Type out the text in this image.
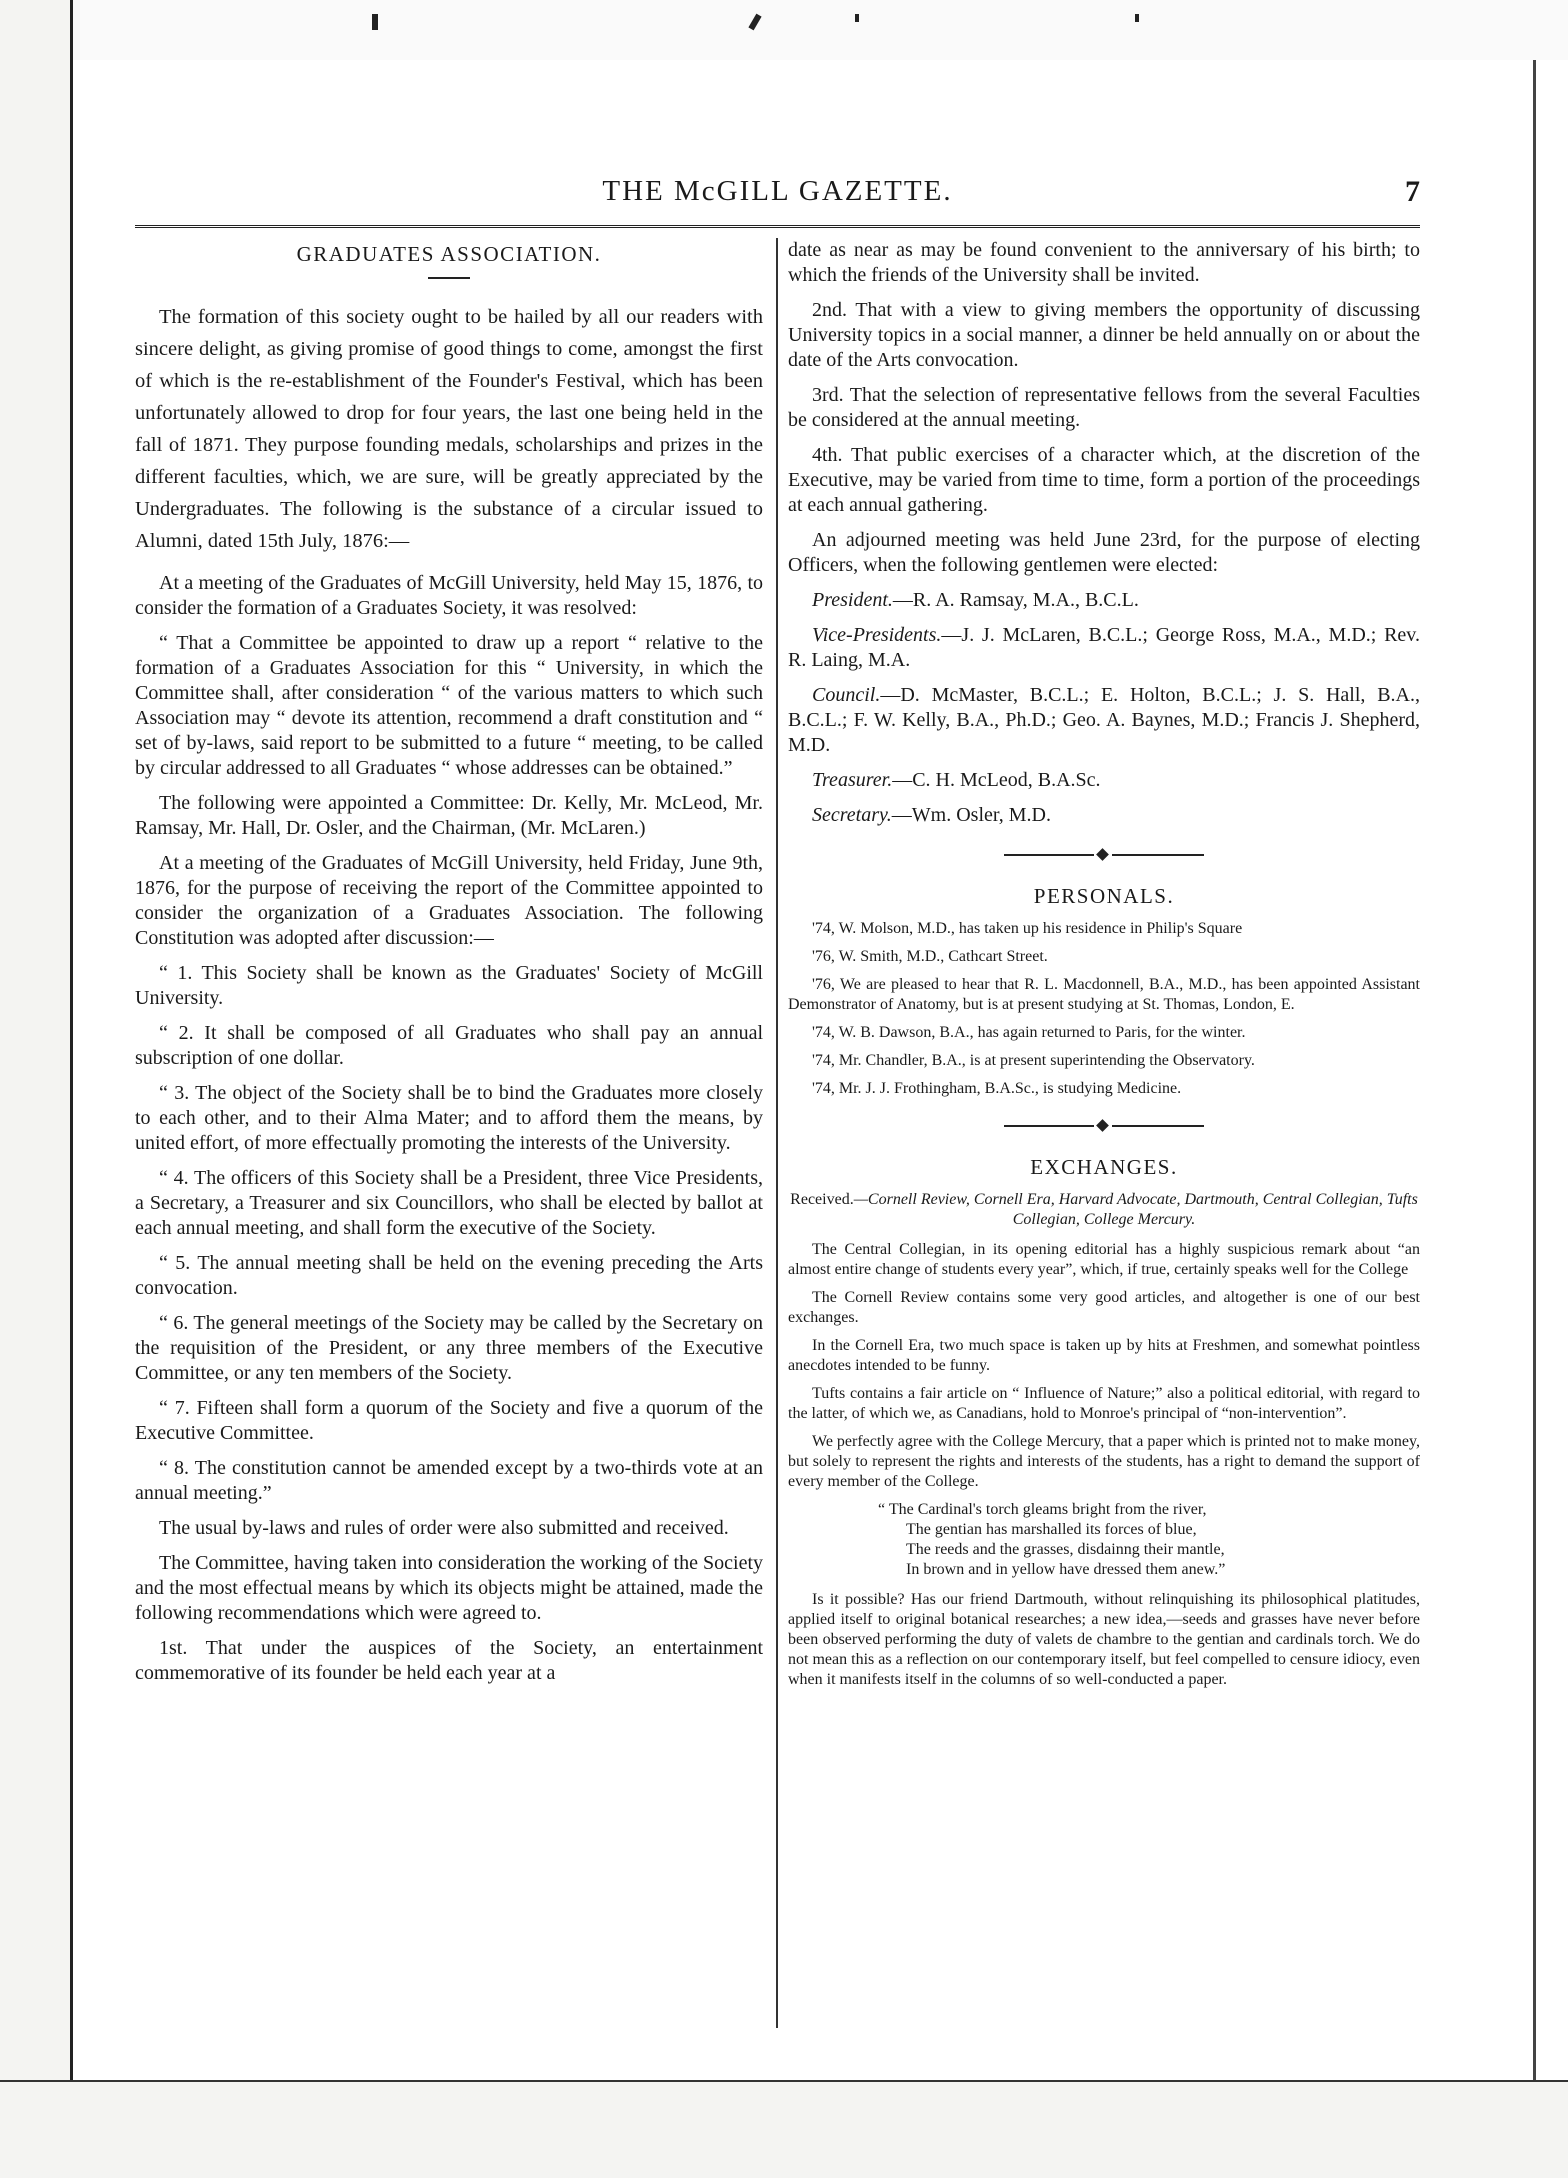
THE McGILL GAZETTE.	7
GRADUATES ASSOCIATION.

The formation of this society ought to be hailed by all our readers with sincere delight, as giving promise of good things to come, amongst the first of which is the re-establishment of the Founder's Festival, which has been unfortunately allowed to drop for four years, the last one being held in the fall of 1871. They purpose founding medals, scholarships and prizes in the different faculties, which, we are sure, will be greatly appreciated by the Undergraduates. The following is the substance of a circular issued to Alumni, dated 15th July, 1876:—

At a meeting of the Graduates of McGill University, held May 15, 1876, to consider the formation of a Graduates Society, it was resolved:

“ That a Committee be appointed to draw up a report “ relative to the formation of a Graduates Association for this “ University, in which the Committee shall, after consideration “ of the various matters to which such Association may “ devote its attention, recommend a draft constitution and “ set of by-laws, said report to be submitted to a future “ meeting, to be called by circular addressed to all Graduates “ whose addresses can be obtained.”

The following were appointed a Committee: Dr. Kelly, Mr. McLeod, Mr. Ramsay, Mr. Hall, Dr. Osler, and the Chairman, (Mr. McLaren.)

At a meeting of the Graduates of McGill University, held Friday, June 9th, 1876, for the purpose of receiving the report of the Committee appointed to consider the organization of a Graduates Association. The following Constitution was adopted after discussion:—

“ 1. This Society shall be known as the Graduates' Society of McGill University.

“ 2. It shall be composed of all Graduates who shall pay an annual subscription of one dollar.

“ 3. The object of the Society shall be to bind the Graduates more closely to each other, and to their Alma Mater; and to afford them the means, by united effort, of more effectually promoting the interests of the University.

“ 4. The officers of this Society shall be a President, three Vice Presidents, a Secretary, a Treasurer and six Councillors, who shall be elected by ballot at each annual meeting, and shall form the executive of the Society.

“ 5. The annual meeting shall be held on the evening preceding the Arts convocation.

“ 6. The general meetings of the Society may be called by the Secretary on the requisition of the President, or any three members of the Executive Committee, or any ten members of the Society.

“ 7. Fifteen shall form a quorum of the Society and five a quorum of the Executive Committee.

“ 8. The constitution cannot be amended except by a two-thirds vote at an annual meeting.”

The usual by-laws and rules of order were also submitted and received.

The Committee, having taken into consideration the working of the Society and the most effectual means by which its objects might be attained, made the following recommendations which were agreed to.

1st. That under the auspices of the Society, an entertainment commemorative of its founder be held each year at a

date as near as may be found convenient to the anniversary of his birth; to which the friends of the University shall be invited.

2nd. That with a view to giving members the opportunity of discussing University topics in a social manner, a dinner be held annually on or about the date of the Arts convocation.

3rd. That the selection of representative fellows from the several Faculties be considered at the annual meeting.

4th. That public exercises of a character which, at the discretion of the Executive, may be varied from time to time, form a portion of the proceedings at each annual gathering.

An adjourned meeting was held June 23rd, for the purpose of electing Officers, when the following gentlemen were elected:

President.—R. A. Ramsay, M.A., B.C.L.

Vice-Presidents.—J. J. McLaren, B.C.L.; George Ross, M.A., M.D.; Rev. R. Laing, M.A.

Council.—D. McMaster, B.C.L.; E. Holton, B.C.L.; J. S. Hall, B.A., B.C.L.; F. W. Kelly, B.A., Ph.D.; Geo. A. Baynes, M.D.; Francis J. Shepherd, M.D.

Treasurer.—C. H. McLeod, B.A.Sc.

Secretary.—Wm. Osler, M.D.

PERSONALS.

'74, W. Molson, M.D., has taken up his residence in Philip's Square

'76, W. Smith, M.D., Cathcart Street.

'76, We are pleased to hear that R. L. Macdonnell, B.A., M.D., has been appointed Assistant Demonstrator of Anatomy, but is at present studying at St. Thomas, London, E.

'74, W. B. Dawson, B.A., has again returned to Paris, for the winter.

'74, Mr. Chandler, B.A., is at present superintending the Observatory.

'74, Mr. J. J. Frothingham, B.A.Sc., is studying Medicine.

EXCHANGES.
Received.—Cornell Review, Cornell Era, Harvard Advocate, Dartmouth, Central Collegian, Tufts Collegian, College Mercury.

The Central Collegian, in its opening editorial has a highly suspicious remark about “an almost entire change of students every year”, which, if true, certainly speaks well for the College

The Cornell Review contains some very good articles, and altogether is one of our best exchanges.

In the Cornell Era, two much space is taken up by hits at Freshmen, and somewhat pointless anecdotes intended to be funny.

Tufts contains a fair article on “ Influence of Nature;” also a political editorial, with regard to the latter, of which we, as Canadians, hold to Monroe's principal of “non-intervention”.

We perfectly agree with the College Mercury, that a paper which is printed not to make money, but solely to represent the rights and interests of the students, has a right to demand the support of every member of the College.

“ The Cardinal's torch gleams bright from the river,
The gentian has marshalled its forces of blue,
The reeds and the grasses, disdainng their mantle,
In brown and in yellow have dressed them anew.”

Is it possible? Has our friend Dartmouth, without relinquishing its philosophical platitudes, applied itself to original botanical researches; a new idea,—seeds and grasses have never before been observed performing the duty of valets de chambre to the gentian and cardinals torch. We do not mean this as a reflection on our contemporary itself, but feel compelled to censure idiocy, even when it manifests itself in the columns of so well-conducted a paper.
